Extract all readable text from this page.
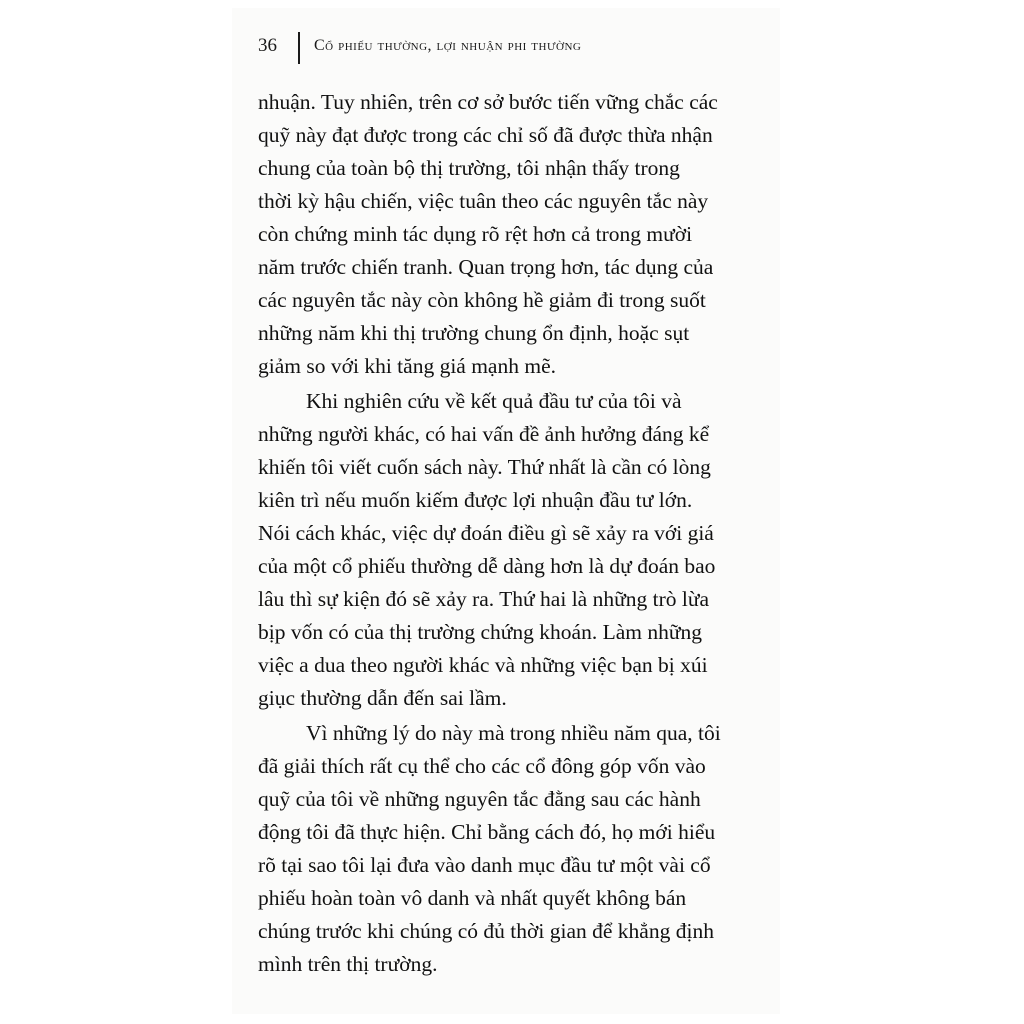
36 Cổ phiếu thường, lợi nhuận phi thường
nhuận. Tuy nhiên, trên cơ sở bước tiến vững chắc các
quỹ này đạt được trong các chỉ số đã được thừa nhận
chung của toàn bộ thị trường, tôi nhận thấy trong
thời kỳ hậu chiến, việc tuân theo các nguyên tắc này
còn chứng minh tác dụng rõ rệt hơn cả trong mười
năm trước chiến tranh. Quan trọng hơn, tác dụng của
các nguyên tắc này còn không hề giảm đi trong suốt
những năm khi thị trường chung ổn định, hoặc sụt
giảm so với khi tăng giá mạnh mẽ.
Khi nghiên cứu về kết quả đầu tư của tôi và
những người khác, có hai vấn đề ảnh hưởng đáng kể
khiến tôi viết cuốn sách này. Thứ nhất là cần có lòng
kiên trì nếu muốn kiếm được lợi nhuận đầu tư lớn.
Nói cách khác, việc dự đoán điều gì sẽ xảy ra với giá
của một cổ phiếu thường dễ dàng hơn là dự đoán bao
lâu thì sự kiện đó sẽ xảy ra. Thứ hai là những trò lừa
bịp vốn có của thị trường chứng khoán. Làm những
việc a dua theo người khác và những việc bạn bị xúi
giục thường dẫn đến sai lầm.
Vì những lý do này mà trong nhiều năm qua, tôi
đã giải thích rất cụ thể cho các cổ đông góp vốn vào
quỹ của tôi về những nguyên tắc đằng sau các hành
động tôi đã thực hiện. Chỉ bằng cách đó, họ mới hiểu
rõ tại sao tôi lại đưa vào danh mục đầu tư một vài cổ
phiếu hoàn toàn vô danh và nhất quyết không bán
chúng trước khi chúng có đủ thời gian để khẳng định
mình trên thị trường.
